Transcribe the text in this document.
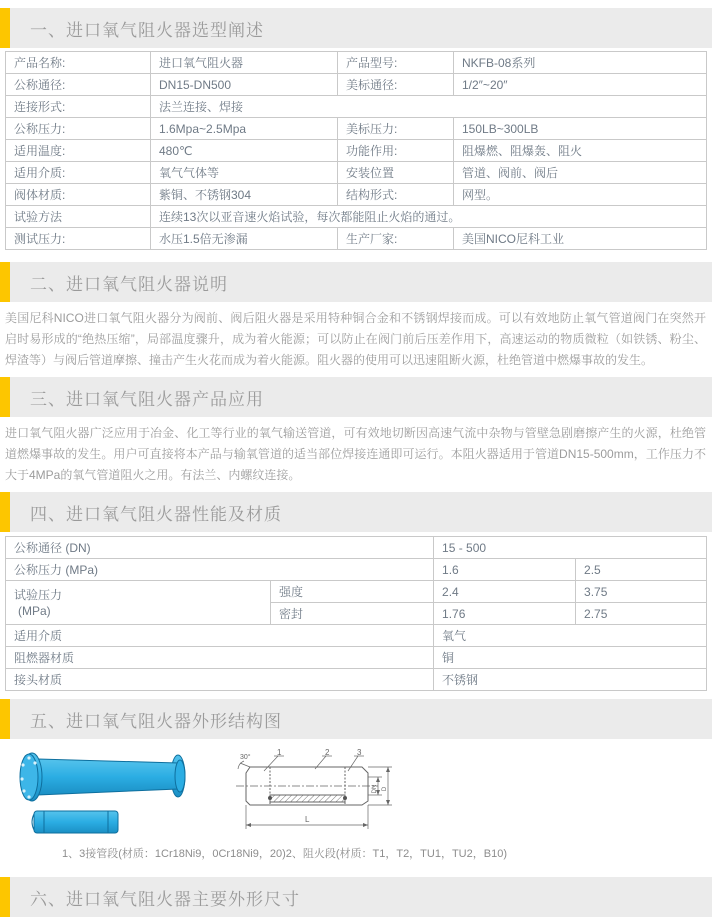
一、进口氧气阻火器选型阐述
产品名称:	进口氧气阻火器	产品型号:	NKFB-08系列
公称通径:	DN15-DN500	美标通径:	1/2″~20″
连接形式:	法兰连接、焊接		
公称压力:	1.6Mpa~2.5Mpa	美标压力:	150LB~300LB
适用温度:	480℃	功能作用:	阻爆燃、阻爆轰、阻火
适用介质:	氧气气体等	安装位置	管道、阀前、阀后
阀体材质:	紫铜、不锈钢304	结构形式:	网型。
试验方法	连续13次以亚音速火焰试验，每次都能阻止火焰的通过。		
测试压力:	水压1.5倍无渗漏	生产厂家:	美国NICO尼科工业
二、进口氧气阻火器说明
美国尼科NICO进口氧气阻火器分为阀前、阀后阻火器是采用特种铜合金和不锈钢焊接而成。可以有效地防止氧气管道阀门在突然开启时易形成的“绝热压缩”，局部温度骤升，成为着火能源；可以防止在阀门前后压差作用下，高速运动的物质微粒（如铁锈、粉尘、焊渣等）与阀后管道摩擦、撞击产生火花而成为着火能源。阻火器的使用可以迅速阻断火源，杜绝管道中燃爆事故的发生。
三、进口氧气阻火器产品应用
进口氧气阻火器广泛应用于冶金、化工等行业的氧气输送管道，可有效地切断因高速气流中杂物与管壁急剧磨擦产生的火源，杜绝管道燃爆事故的发生。用户可直接将本产品与输氧管道的适当部位焊接连通即可运行。本阻火器适用于管道DN15-500mm，工作压力不大于4MPa的氧气管道阻火之用。有法兰、内螺纹连接。
四、进口氧气阻火器性能及材质
公称通径 (DN)		15 - 500	
公称压力 (MPa)		1.6	2.5
试验压力
(MPa)	强度	2.4	3.75
	密封	1.76	2.75
适用介质		氧气	
阻燃器材质		铜	
接头材质		不锈钢	
五、进口氧气阻火器外形结构图
30°
1	2	3
L
DN D
1、3接管段(材质：1Cr18Ni9，0Cr18Ni9，20)2、阻火段(材质：T1，T2，TU1，TU2，B10)
六、进口氧气阻火器主要外形尺寸
